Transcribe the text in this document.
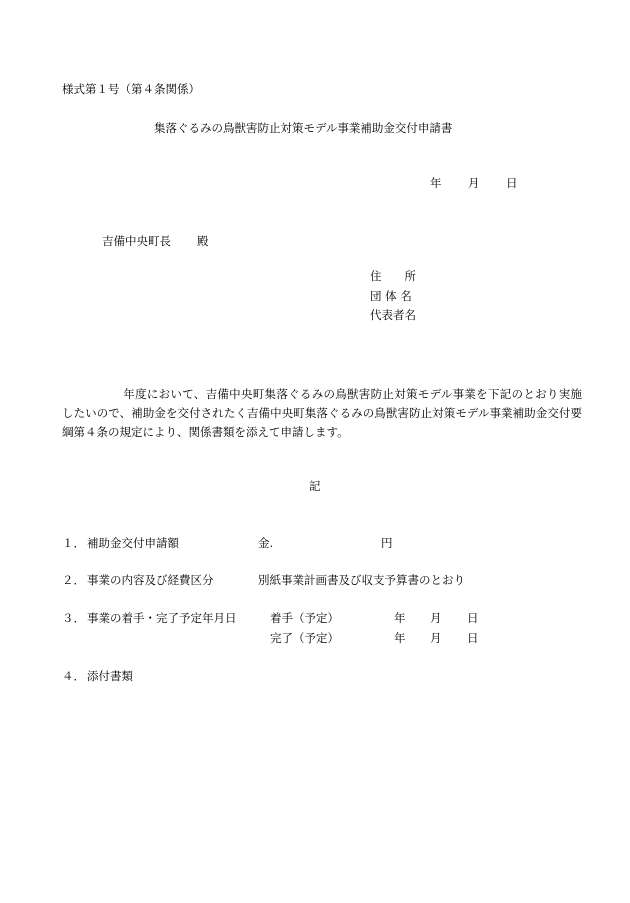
様式第１号（第４条関係）
集落ぐるみの鳥獣害防止対策モデル事業補助金交付申請書
年 月 日
吉備中央町長 殿
住　　所
団 体 名
代表者名
年度において、吉備中央町集落ぐるみの鳥獣害防止対策モデル事業を下記のとおり実施したいので、補助金を交付されたく吉備中央町集落ぐるみの鳥獣害防止対策モデル事業補助金交付要綱第４条の規定により、関係書類を添えて申請します。
記
１． 補助金交付申請額	金.	円
２． 事業の内容及び経費区分	別紙事業計画書及び収支予算書のとおり
３． 事業の着手・完了予定年月日	着手（予定）	年 月 日
完了（予定）	年 月 日
４． 添付書類
